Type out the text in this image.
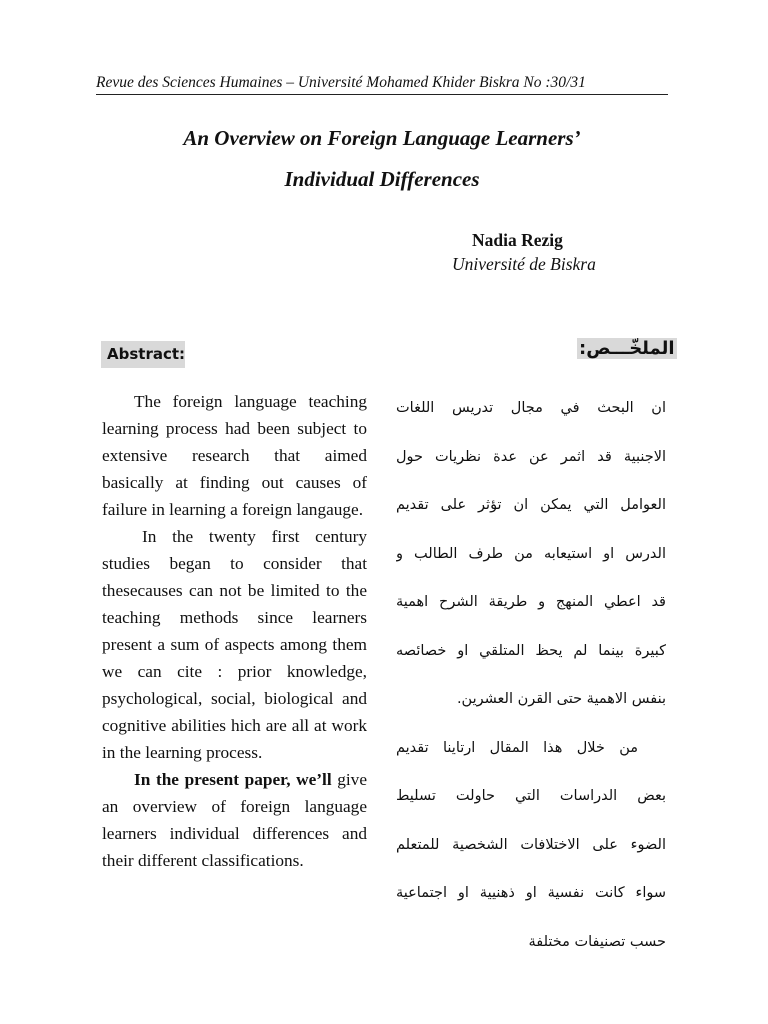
Revue des Sciences Humaines – Université Mohamed Khider Biskra No :30/31
An Overview on Foreign Language Learners’
Individual Differences
Nadia Rezig
Université de Biskra
Abstract:	الملخّـــص:

The foreign language teaching learning process had been subject to extensive research that aimed basically at finding out causes of failure in learning a foreign langauge.

In the twenty first century studies began to consider that thesecauses can not be limited to the teaching methods since learners present a sum of aspects among them we can cite : prior knowledge, psychological, social, biological and cognitive abilities hich are all at work in the learning process.

In the present paper, we’ll give an overview of foreign language learners individual differences and their different classifications.

ان البحث في مجال تدريس اللغات
الاجنبية قد اثمر عن عدة نظريات حول
العوامل التي يمكن ان تؤثر على تقديم
الدرس او استيعابه من طرف الطالب و
قد اعطي المنهج و طريقة الشرح اهمية
كبيرة بينما لم يحظ المتلقي او خصائصه
بنفس الاهمية حتى القرن العشرين.
من خلال هذا المقال ارتاينا تقديم
بعض الدراسات التي حاولت تسليط
الضوء على الاختلافات الشخصية للمتعلم
سواء كانت نفسية او ذهنيية او اجتماعية
حسب تصنيفات مختلفة
